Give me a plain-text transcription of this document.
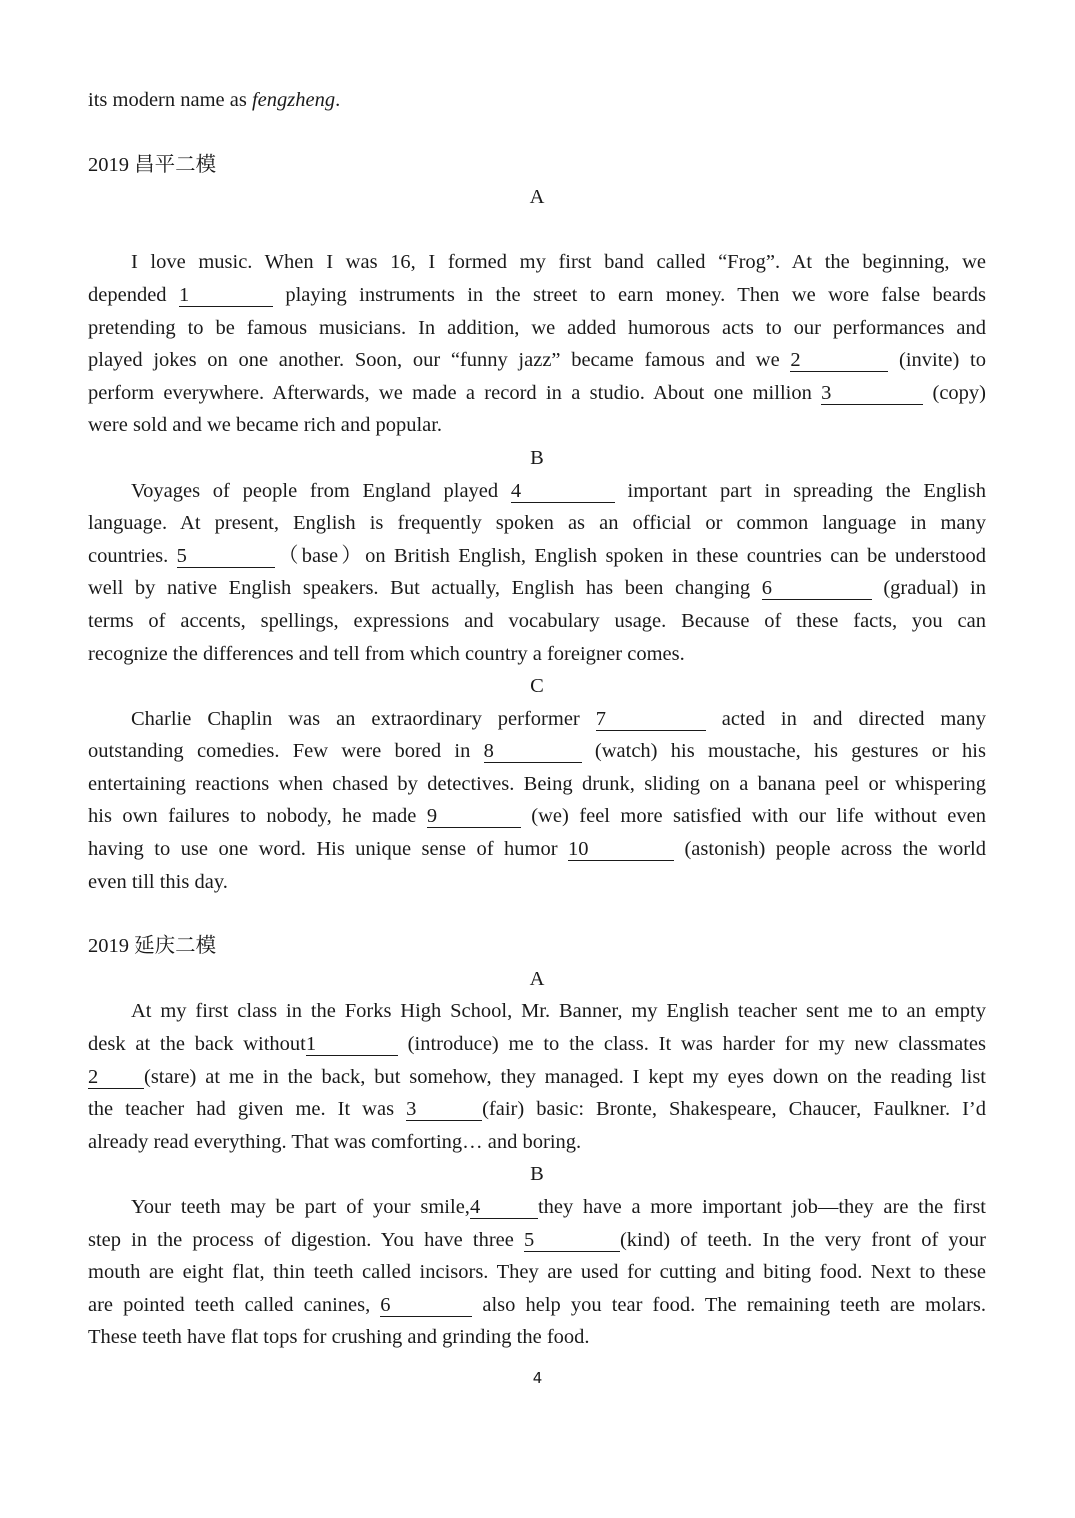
its modern name as fengzheng.
2019 昌平二模
A
I love music. When I was 16, I formed my first band called “Frog”. At the beginning, we
depended 1	playing instruments in the street to earn money. Then we wore false beards
pretending to be famous musicians. In addition, we added humorous acts to our performances and
played jokes on one another. Soon, our “funny jazz” became famous and we 2	(invite) to
perform everywhere. Afterwards, we made a record in a studio. About one million 3	(copy)
were sold and we became rich and popular.
B
Voyages of people from England played 4	important part in spreading the English
language. At present, English is frequently spoken as an official or common language in many
countries. 5	（base）on British English, English spoken in these countries can be understood
well by native English speakers. But actually, English has been changing 6	(gradual) in
terms of accents, spellings, expressions and vocabulary usage. Because of these facts, you can
recognize the differences and tell from which country a foreigner comes.
C
Charlie Chaplin was an extraordinary performer 7	acted in and directed many
outstanding comedies. Few were bored in 8	(watch) his moustache, his gestures or his
entertaining reactions when chased by detectives. Being drunk, sliding on a banana peel or whispering
his own failures to nobody, he made 9	(we) feel more satisfied with our life without even
having to use one word. His unique sense of humor 10	(astonish) people across the world
even till this day.
2019 延庆二模
A
At my first class in the Forks High School, Mr. Banner, my English teacher sent me to an empty
desk at the back without1	(introduce) me to the class. It was harder for my new classmates
2 (stare) at me in the back, but somehow, they managed. I kept my eyes down on the reading list
the teacher had given me. It was 3	(fair) basic: Bronte, Shakespeare, Chaucer, Faulkner. I’d
already read everything. That was comforting… and boring.
B
Your teeth may be part of your smile,4	they have a more important job—they are the first
step in the process of digestion. You have three 5	(kind) of teeth. In the very front of your
mouth are eight flat, thin teeth called incisors. They are used for cutting and biting food. Next to these
are pointed teeth called canines, 6	also help you tear food. The remaining teeth are molars.
These teeth have flat tops for crushing and grinding the food.
4
